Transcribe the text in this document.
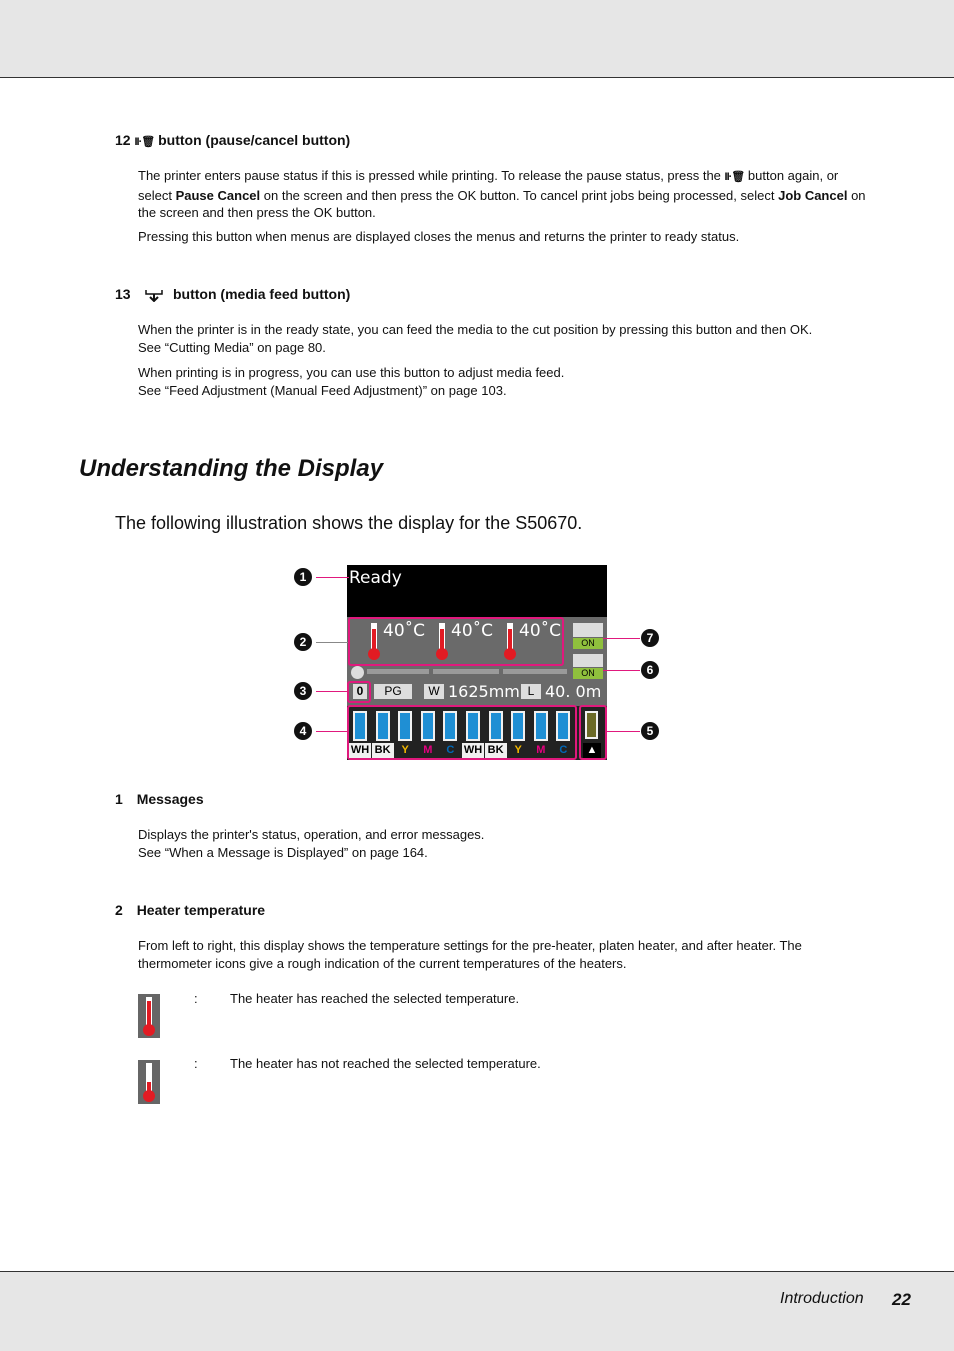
12 II·🗑 button (pause/cancel button)
The printer enters pause status if this is pressed while printing. To release the pause status, press the II·🗑 button again, or
select Pause Cancel on the screen and then press the OK button. To cancel print jobs being processed, select Job Cancel on
the screen and then press the OK button.
Pressing this button when menus are displayed closes the menus and returns the printer to ready status.
13	button (media feed button)
When the printer is in the ready state, you can feed the media to the cut position by pressing this button and then OK.
See “Cutting Media” on page 80.
When printing is in progress, you can use this button to adjust media feed.
See “Feed Adjustment (Manual Feed Adjustment)” on page 103.
Understanding the Display
The following illustration shows the display for the S50670.
Ready
40˚C 40˚C 40˚C
ON
ON
0	PG	W 1625mm L 40. 0m
▲
WH BK Y	M	C WH BK Y	M	C
1
2
3
4	5
6
7
1 Messages
Displays the printer's status, operation, and error messages.
See “When a Message is Displayed” on page 164.
2 Heater temperature
From left to right, this display shows the temperature settings for the pre-heater, platen heater, and after heater. The
thermometer icons give a rough indication of the current temperatures of the heaters.
: The heater has reached the selected temperature.
: The heater has not reached the selected temperature.
Introduction 22
